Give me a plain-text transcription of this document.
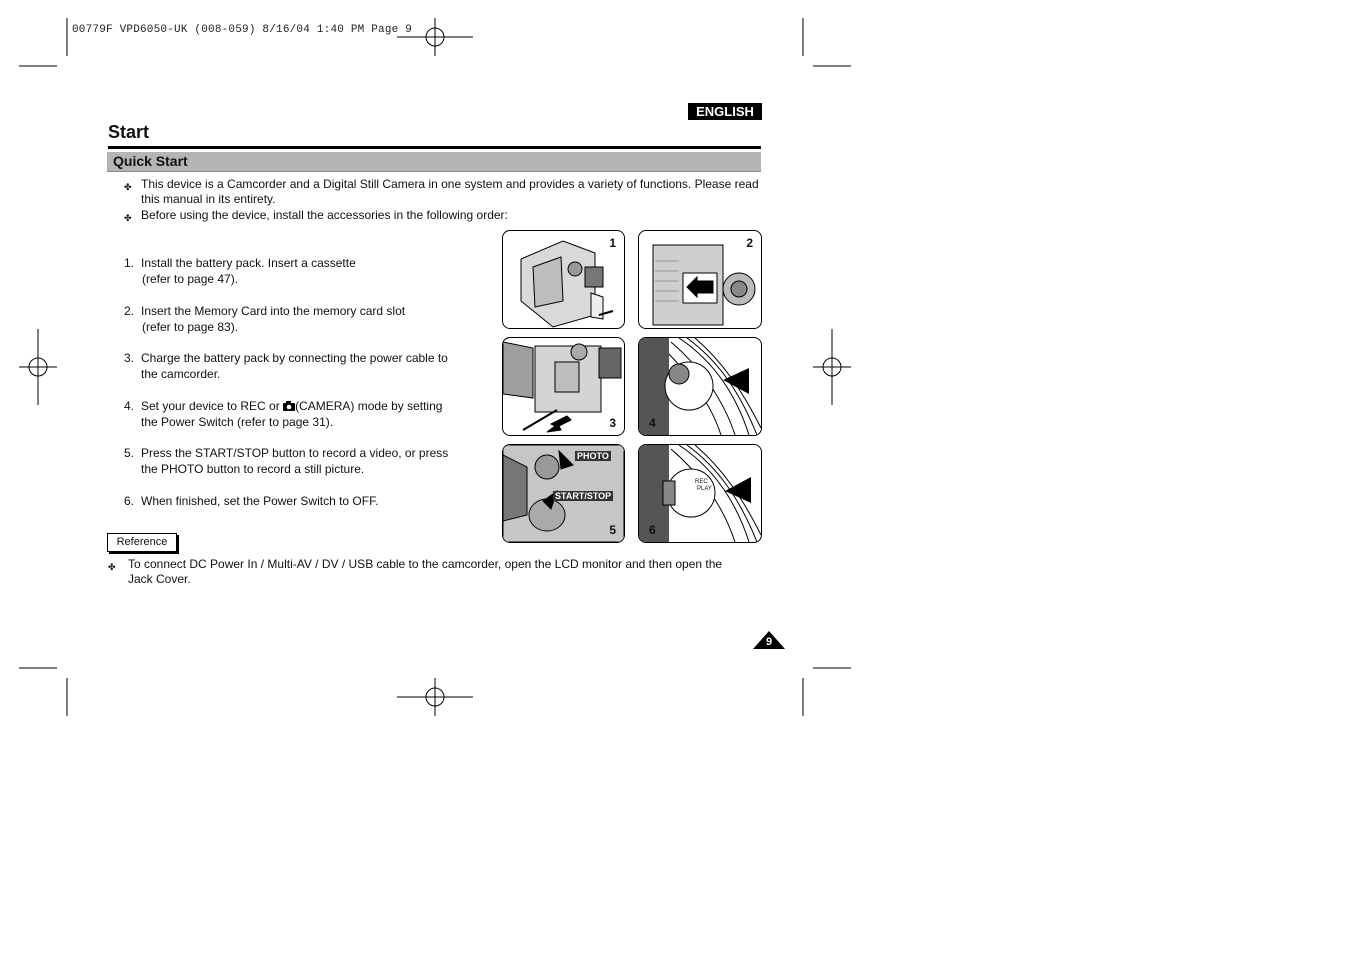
00779F VPD6050-UK (008-059) 8/16/04 1:40 PM Page 9
ENGLISH
Start
Quick Start
✤ This device is a Camcorder and a Digital Still Camera in one system and provides a variety of functions. Please read this manual in its entirety.
✤ Before using the device, install the accessories in the following order:
1. Install the battery pack. Insert a cassette
(refer to page 47).
2. Insert the Memory Card into the memory card slot
(refer to page 83).
3. Charge the battery pack by connecting the power cable to
the camcorder.
4. Set your device to REC or (CAMERA) mode by setting
the Power Switch (refer to page 31).
5. Press the START/STOP button to record a video, or press
the PHOTO button to record a still picture.
6. When finished, set the Power Switch to OFF.
1	2
3	4
PHOTO
START/STOP
5
REC
PLAY
6
Reference
✤ To connect DC Power In / Multi-AV / DV / USB cable to the camcorder, open the LCD monitor and then open the Jack Cover.
9
